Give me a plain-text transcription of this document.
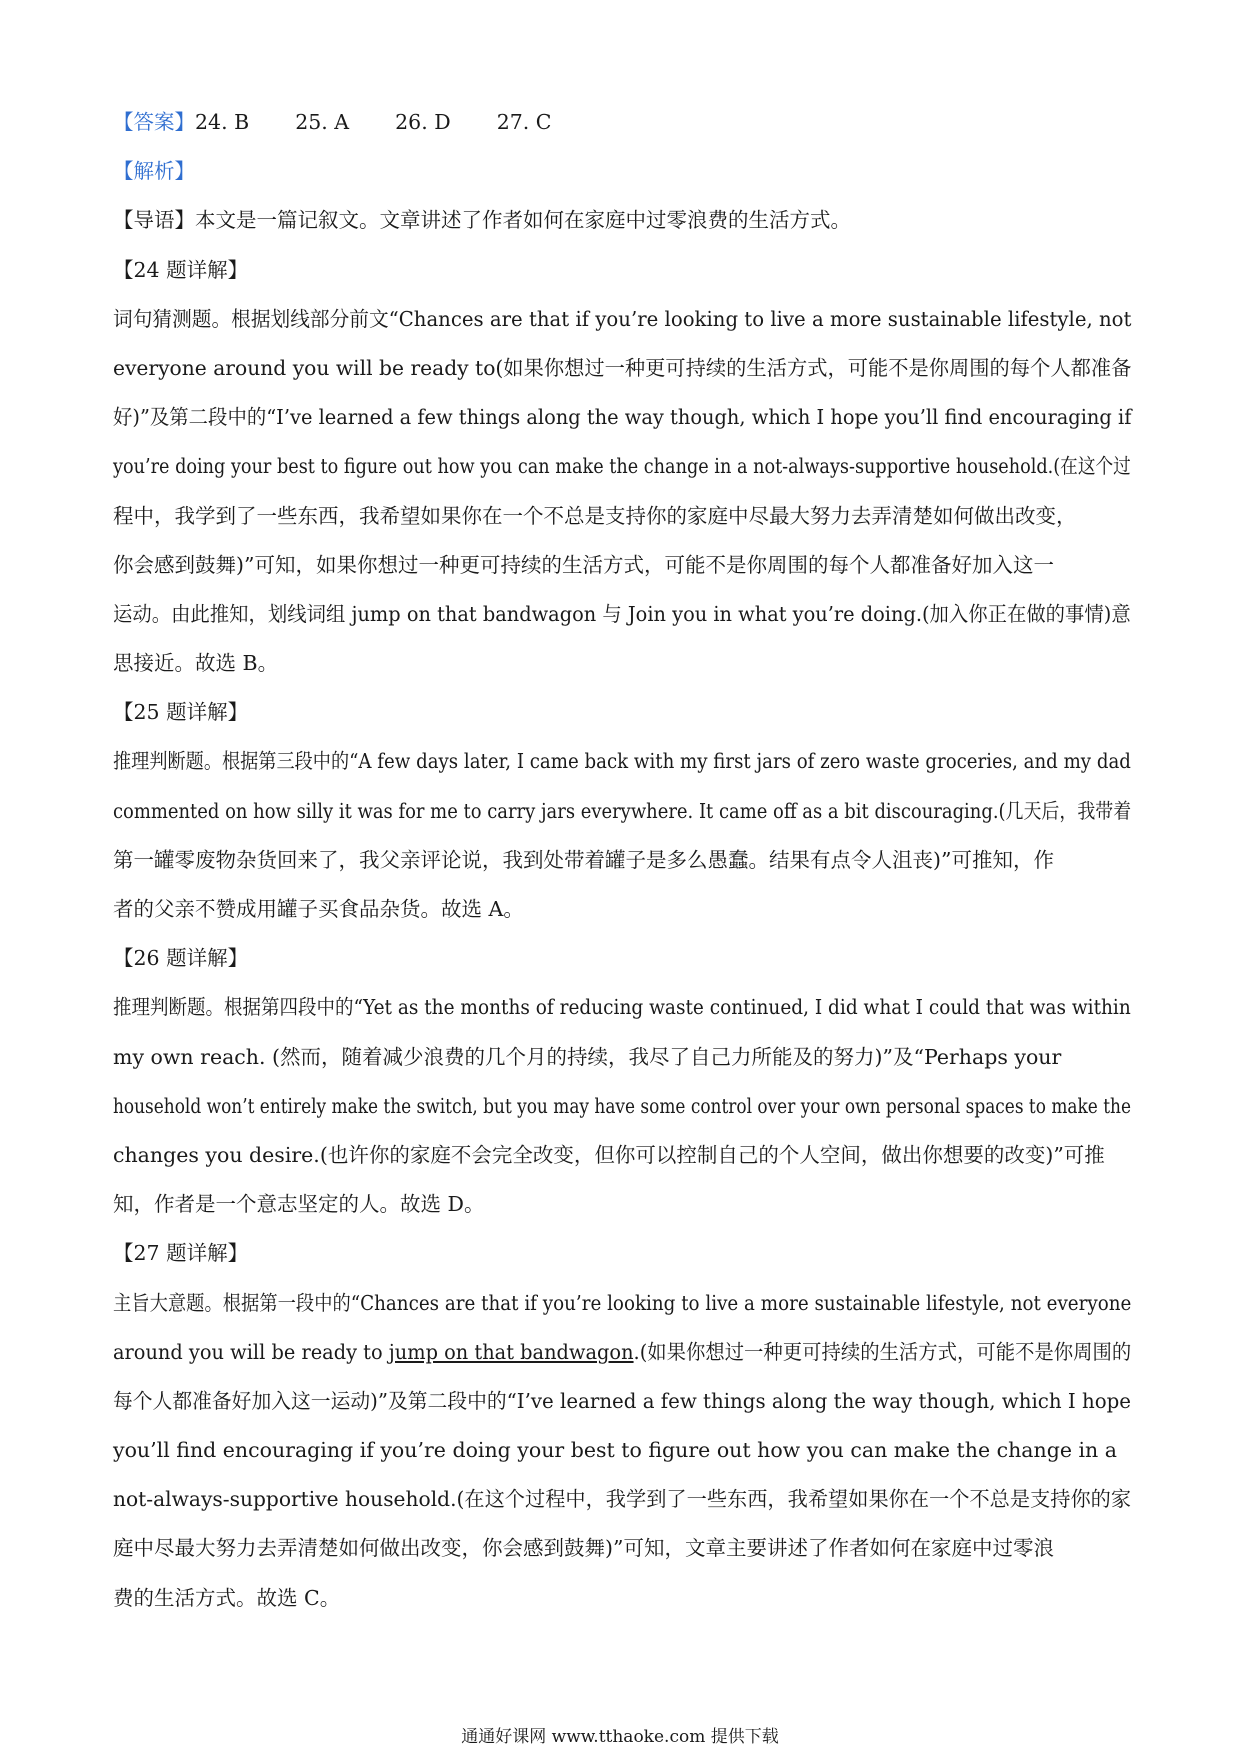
【答案】24. B 25. A 26. D 27. C
【解析】
【导语】本文是一篇记叙文。文章讲述了作者如何在家庭中过零浪费的生活方式。
【24 题详解】
词句猜测题。根据划线部分前文“Chances are that if you’re looking to live a more sustainable lifestyle, not
everyone around you will be ready to(如果你想过一种更可持续的生活方式，可能不是你周围的每个人都准备
好)”及第二段中的“I’ve learned a few things along the way though, which I hope you’ll find encouraging if
you’re doing your best to figure out how you can make the change in a not-always-supportive household.(在这个过
程中，我学到了一些东西，我希望如果你在一个不总是支持你的家庭中尽最大努力去弄清楚如何做出改变，
你会感到鼓舞)”可知，如果你想过一种更可持续的生活方式，可能不是你周围的每个人都准备好加入这一
运动。由此推知，划线词组 jump on that bandwagon 与 Join you in what you’re doing.(加入你正在做的事情)意
思接近。故选 B。
【25 题详解】
推理判断题。根据第三段中的“A few days later, I came back with my first jars of zero waste groceries, and my dad
commented on how silly it was for me to carry jars everywhere. It came off as a bit discouraging.(几天后，我带着
第一罐零废物杂货回来了，我父亲评论说，我到处带着罐子是多么愚蠢。结果有点令人沮丧)”可推知，作
者的父亲不赞成用罐子买食品杂货。故选 A。
【26 题详解】
推理判断题。根据第四段中的“Yet as the months of reducing waste continued, I did what I could that was within
my own reach. (然而，随着减少浪费的几个月的持续，我尽了自己力所能及的努力)”及“Perhaps your
household won’t entirely make the switch, but you may have some control over your own personal spaces to make the
changes you desire.(也许你的家庭不会完全改变，但你可以控制自己的个人空间，做出你想要的改变)”可推
知，作者是一个意志坚定的人。故选 D。
【27 题详解】
主旨大意题。根据第一段中的“Chances are that if you’re looking to live a more sustainable lifestyle, not everyone
around you will be ready to jump on that bandwagon.(如果你想过一种更可持续的生活方式，可能不是你周围的
每个人都准备好加入这一运动)”及第二段中的“I’ve learned a few things along the way though, which I hope
you’ll find encouraging if you’re doing your best to figure out how you can make the change in a
not-always-supportive household.(在这个过程中，我学到了一些东西，我希望如果你在一个不总是支持你的家
庭中尽最大努力去弄清楚如何做出改变，你会感到鼓舞)”可知，文章主要讲述了作者如何在家庭中过零浪
费的生活方式。故选 C。
通通好课网 www.tthaoke.com 提供下载
